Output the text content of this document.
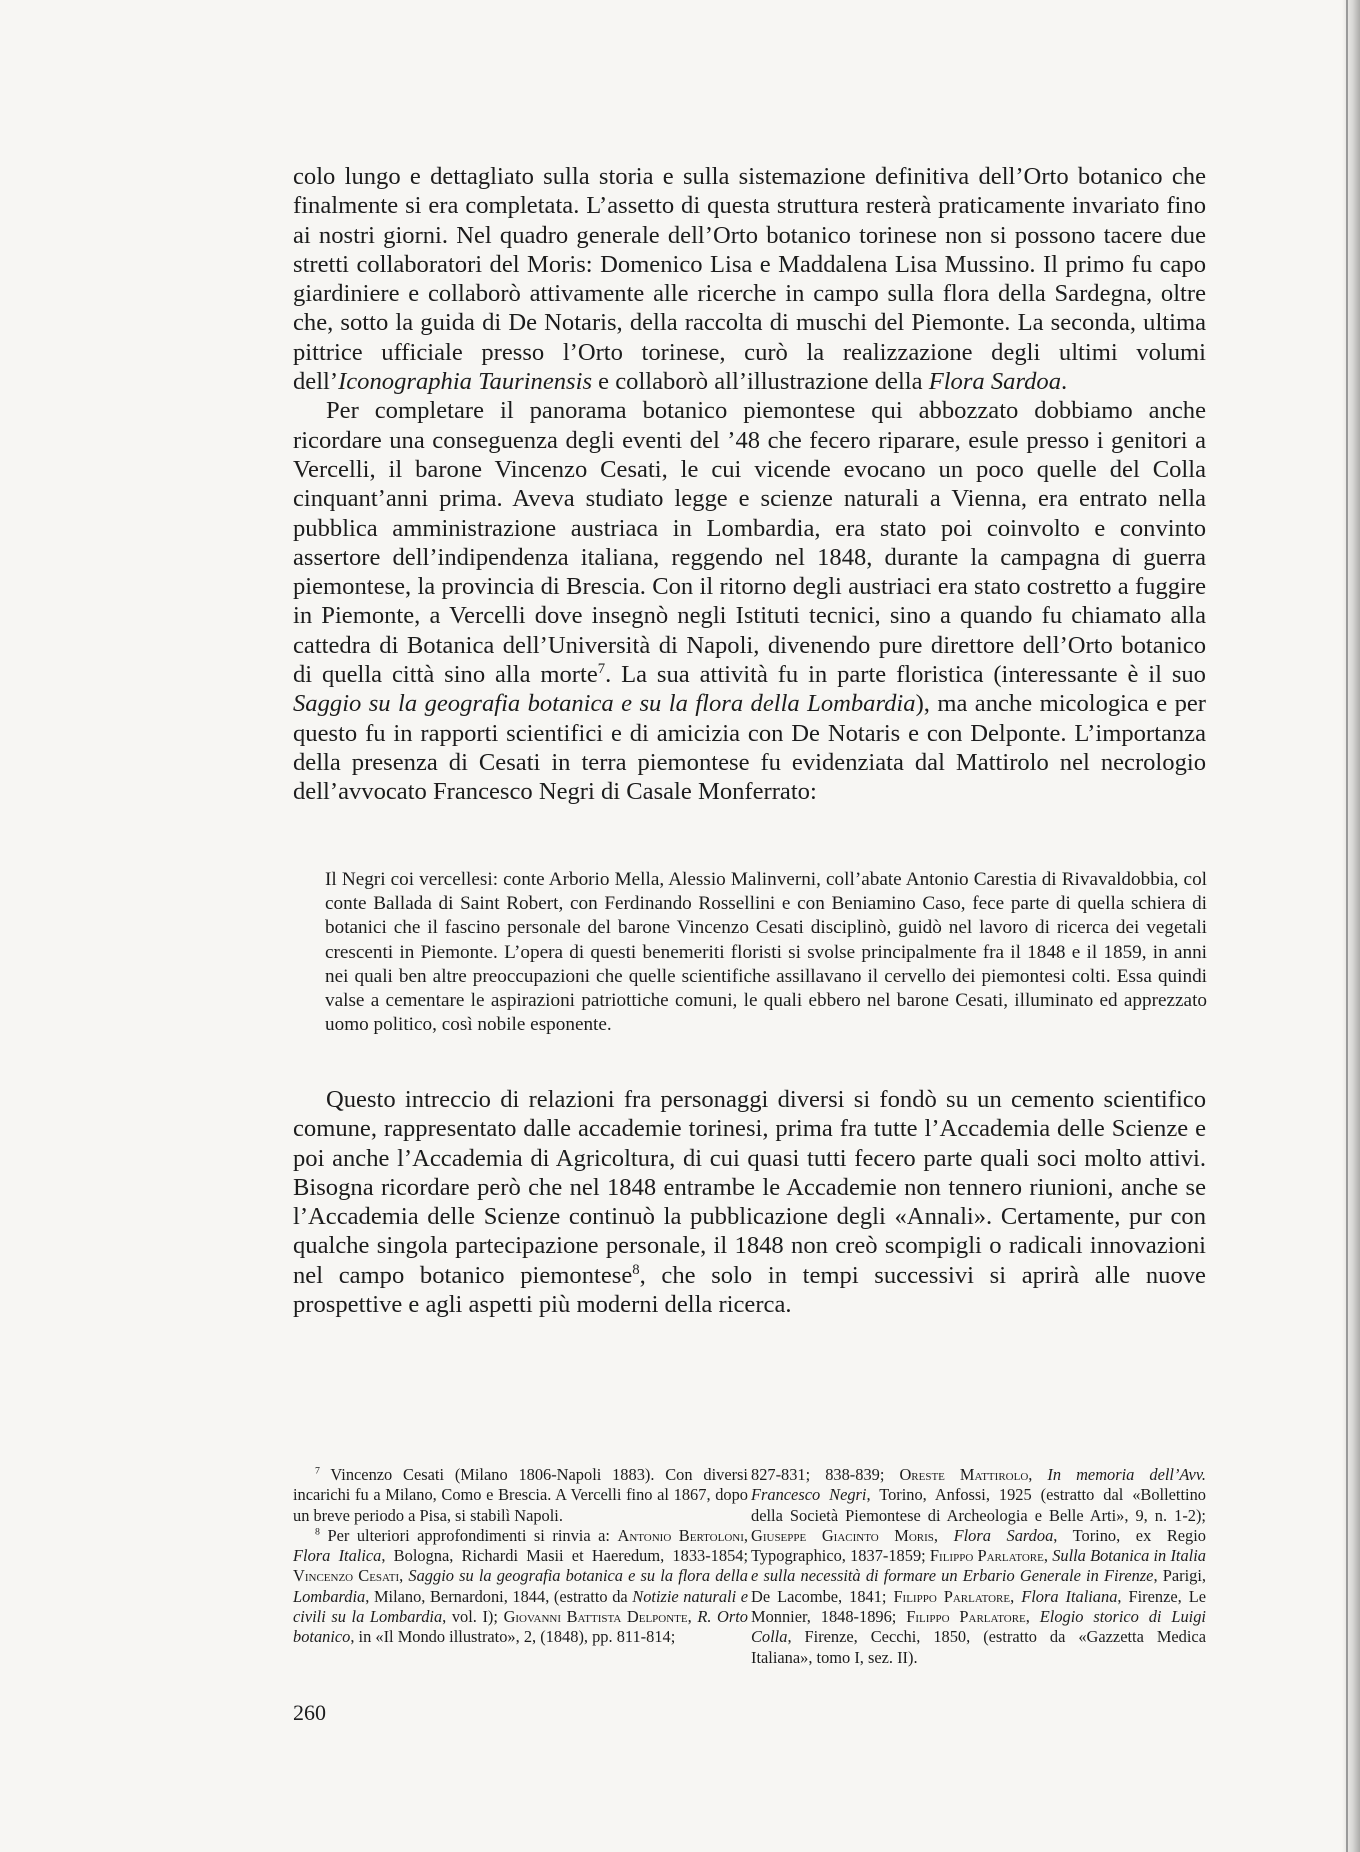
colo lungo e dettagliato sulla storia e sulla sistemazione definitiva dell’Orto botanico che finalmente si era completata. L’assetto di questa struttura resterà praticamente invariato fino ai nostri giorni. Nel quadro generale dell’Orto botanico torinese non si possono tacere due stretti collaboratori del Moris: Domenico Lisa e Maddalena Lisa Mussino. Il primo fu capo giardiniere e collaborò attivamente alle ricerche in campo sulla flora della Sardegna, oltre che, sotto la guida di De Notaris, della raccolta di muschi del Piemonte. La seconda, ultima pittrice ufficiale presso l’Orto torinese, curò la realizzazione degli ultimi volumi dell’Iconographia Taurinensis e collaborò all’illustrazione della Flora Sardoa.

Per completare il panorama botanico piemontese qui abbozzato dobbiamo anche ricordare una conseguenza degli eventi del ’48 che fecero riparare, esule presso i genitori a Vercelli, il barone Vincenzo Cesati, le cui vicende evocano un poco quelle del Colla cinquant’anni prima. Aveva studiato legge e scienze naturali a Vienna, era entrato nella pubblica amministrazione austriaca in Lombardia, era stato poi coinvolto e convinto assertore dell’indipendenza italiana, reggendo nel 1848, durante la campagna di guerra piemontese, la provincia di Brescia. Con il ritorno degli austriaci era stato costretto a fuggire in Piemonte, a Vercelli dove insegnò negli Istituti tecnici, sino a quando fu chiamato alla cattedra di Botanica dell’Università di Napoli, divenendo pure direttore dell’Orto botanico di quella città sino alla morte$^7$. La sua attività fu in parte floristica (interessante è il suo Saggio su la geografia botanica e su la flora della Lombardia), ma anche micologica e per questo fu in rapporti scientifici e di amicizia con De Notaris e con Delponte. L’importanza della presenza di Cesati in terra piemontese fu evidenziata dal Mattirolo nel necrologio dell’avvocato Francesco Negri di Casale Monferrato:

Il Negri coi vercellesi: conte Arborio Mella, Alessio Malinverni, coll’abate Antonio Carestia di Rivavaldobbia, col conte Ballada di Saint Robert, con Ferdinando Rossellini e con Beniamino Caso, fece parte di quella schiera di botanici che il fascino personale del barone Vincenzo Cesati disciplinò, guidò nel lavoro di ricerca dei vegetali crescenti in Piemonte. L’opera di questi benemeriti floristi si svolse principalmente fra il 1848 e il 1859, in anni nei quali ben altre preoccupazioni che quelle scientifiche assillavano il cervello dei piemontesi colti. Essa quindi valse a cementare le aspirazioni patriottiche comuni, le quali ebbero nel barone Cesati, illuminato ed apprezzato uomo politico, così nobile esponente.

Questo intreccio di relazioni fra personaggi diversi si fondò su un cemento scientifico comune, rappresentato dalle accademie torinesi, prima fra tutte l’Accademia delle Scienze e poi anche l’Accademia di Agricoltura, di cui quasi tutti fecero parte quali soci molto attivi. Bisogna ricordare però che nel 1848 entrambe le Accademie non tennero riunioni, anche se l’Accademia delle Scienze continuò la pubblicazione degli «Annali». Certamente, pur con qualche singola partecipazione personale, il 1848 non creò scompigli o radicali innovazioni nel campo botanico piemontese$^8$, che solo in tempi successivi si aprirà alle nuove prospettive e agli aspetti più moderni della ricerca.

$^7$ Vincenzo Cesati (Milano 1806-Napoli 1883). Con diversi incarichi fu a Milano, Como e Brescia. A Vercelli fino al 1867, dopo un breve periodo a Pisa, si stabilì Napoli.

$^8$ Per ulteriori approfondimenti si rinvia a: Antonio Bertoloni, Flora Italica, Bologna, Richardi Masii et Haeredum, 1833-1854; Vincenzo Cesati, Saggio su la geografia botanica e su la flora della Lombardia, Milano, Bernardoni, 1844, (estratto da Notizie naturali e civili su la Lombardia, vol. I); Giovanni Battista Delponte, R. Orto botanico, in «Il Mondo illustrato», 2, (1848), pp. 811-814;

827-831; 838-839; Oreste Mattirolo, In memoria dell’Avv. Francesco Negri, Torino, Anfossi, 1925 (estratto dal «Bollettino della Società Piemontese di Archeologia e Belle Arti», 9, n. 1-2); Giuseppe Giacinto Moris, Flora Sardoa, Torino, ex Regio Typographico, 1837-1859; Filippo Parlatore, Sulla Botanica in Italia e sulla necessità di formare un Erbario Generale in Firenze, Parigi, De Lacombe, 1841; Filippo Parlatore, Flora Italiana, Firenze, Le Monnier, 1848-1896; Filippo Parlatore, Elogio storico di Luigi Colla, Firenze, Cecchi, 1850, (estratto da «Gazzetta Medica Italiana», tomo I, sez. II).

260
